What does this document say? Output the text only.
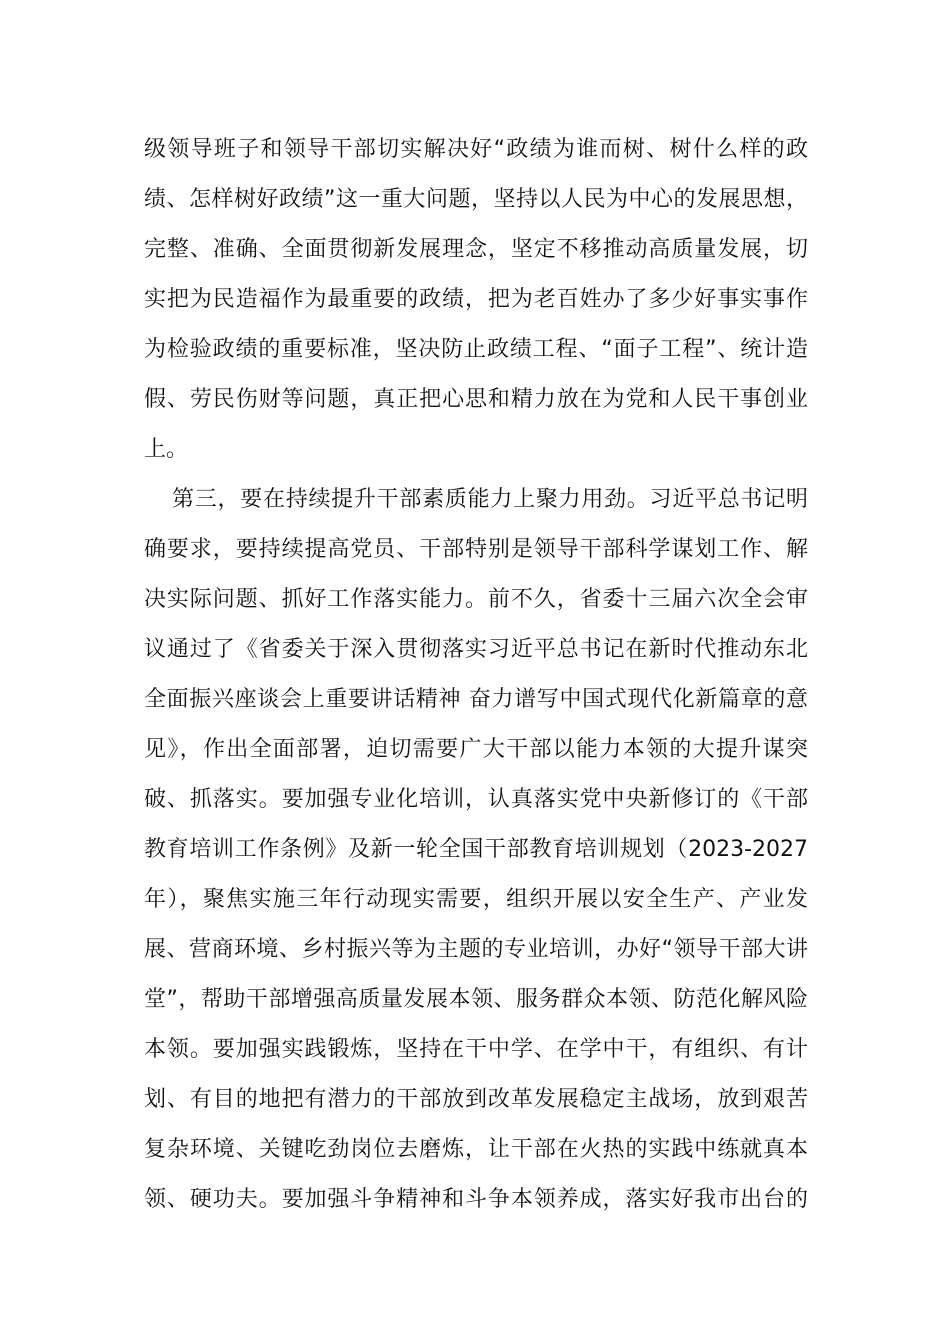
级领导班子和领导干部切实解决好“政绩为谁而树、树什么样的政
绩、怎样树好政绩”这一重大问题，坚持以人民为中心的发展思想，
完整、准确、全面贯彻新发展理念，坚定不移推动高质量发展，切
实把为民造福作为最重要的政绩，把为老百姓办了多少好事实事作
为检验政绩的重要标准，坚决防止政绩工程、“面子工程”、统计造
假、劳民伤财等问题，真正把心思和精力放在为党和人民干事创业
上。
第三，要在持续提升干部素质能力上聚力用劲。习近平总书记明
确要求，要持续提高党员、干部特别是领导干部科学谋划工作、解
决实际问题、抓好工作落实能力。前不久，省委十三届六次全会审
议通过了《省委关于深入贯彻落实习近平总书记在新时代推动东北
全面振兴座谈会上重要讲话精神 奋力谱写中国式现代化新篇章的意
见》，作出全面部署，迫切需要广大干部以能力本领的大提升谋突
破、抓落实。要加强专业化培训，认真落实党中央新修订的《干部
教育培训工作条例》及新一轮全国干部教育培训规划（2023-2027
年），聚焦实施三年行动现实需要，组织开展以安全生产、产业发
展、营商环境、乡村振兴等为主题的专业培训，办好“领导干部大讲
堂”，帮助干部增强高质量发展本领、服务群众本领、防范化解风险
本领。要加强实践锻炼，坚持在干中学、在学中干，有组织、有计
划、有目的地把有潜力的干部放到改革发展稳定主战场，放到艰苦
复杂环境、关键吃劲岗位去磨炼，让干部在火热的实践中练就真本
领、硬功夫。要加强斗争精神和斗争本领养成，落实好我市出台的
